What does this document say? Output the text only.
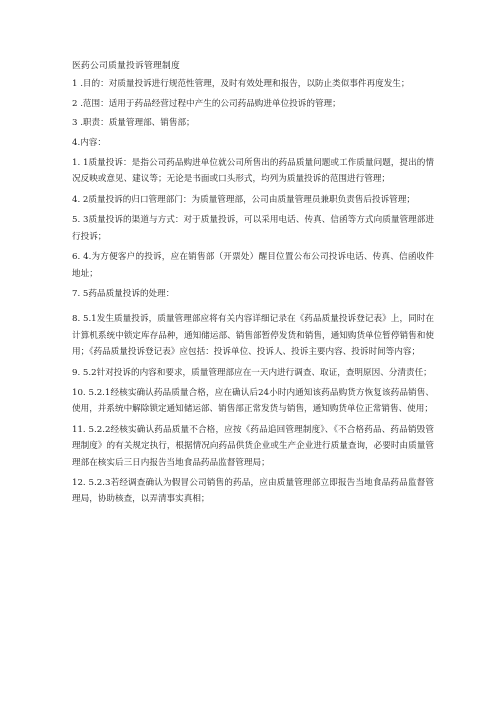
医药公司质量投诉管理制度

1 .目的：对质量投诉进行规范性管理，及时有效处理和报告，以防止类似事件再度发生；

2 .范围：适用于药品经营过程中产生的公司药品购进单位投诉的管理；

3 .职责：质量管理部、销售部；

4.内容：

1. 1质量投诉：是指公司药品购进单位就公司所售出的药品质量问题或工作质量问题，提出的情况反映或意见、建议等；无论是书面或口头形式，均列为质量投诉的范围进行管理；

4. 2质量投诉的归口管理部门：为质量管理部，公司由质量管理员兼职负责售后投诉管理；

5. 3质量投诉的渠道与方式：对于质量投诉，可以采用电话、传真、信函等方式向质量管理部进行投诉；

6. 4.为方便客户的投诉，应在销售部（开票处）醒目位置公布公司投诉电话、传真、信函收件地址；

7. 5药品质量投诉的处理：

8. 5.1发生质量投诉，质量管理部应将有关内容详细记录在《药品质量投诉登记表》上，同时在计算机系统中锁定库存品种，通知储运部、销售部暂停发货和销售，通知购货单位暂停销售和使用；《药品质量投诉登记表》应包括：投诉单位、投诉人、投诉主要内容、投诉时间等内容；

9. 5.2针对投诉的内容和要求，质量管理部应在一天内进行调查、取证，查明原因、分清责任；

10. 5.2.1经核实确认药品质量合格，应在确认后24小时内通知该药品购货方恢复该药品销售、使用，并系统中解除锁定通知储运部、销售部正常发货与销售，通知购货单位正常销售、使用；

11. 5.2.2经核实确认药品质量不合格，应按《药品追回管理制度》、《不合格药品、药品销毁管理制度》的有关规定执行，根据情况向药品供货企业或生产企业进行质量查询，必要时由质量管理部在核实后三日内报告当地食品药品监督管理局；

12. 5.2.3若经调查确认为假冒公司销售的药品，应由质量管理部立即报告当地食品药品监督管理局，协助核查，以弄清事实真相；
